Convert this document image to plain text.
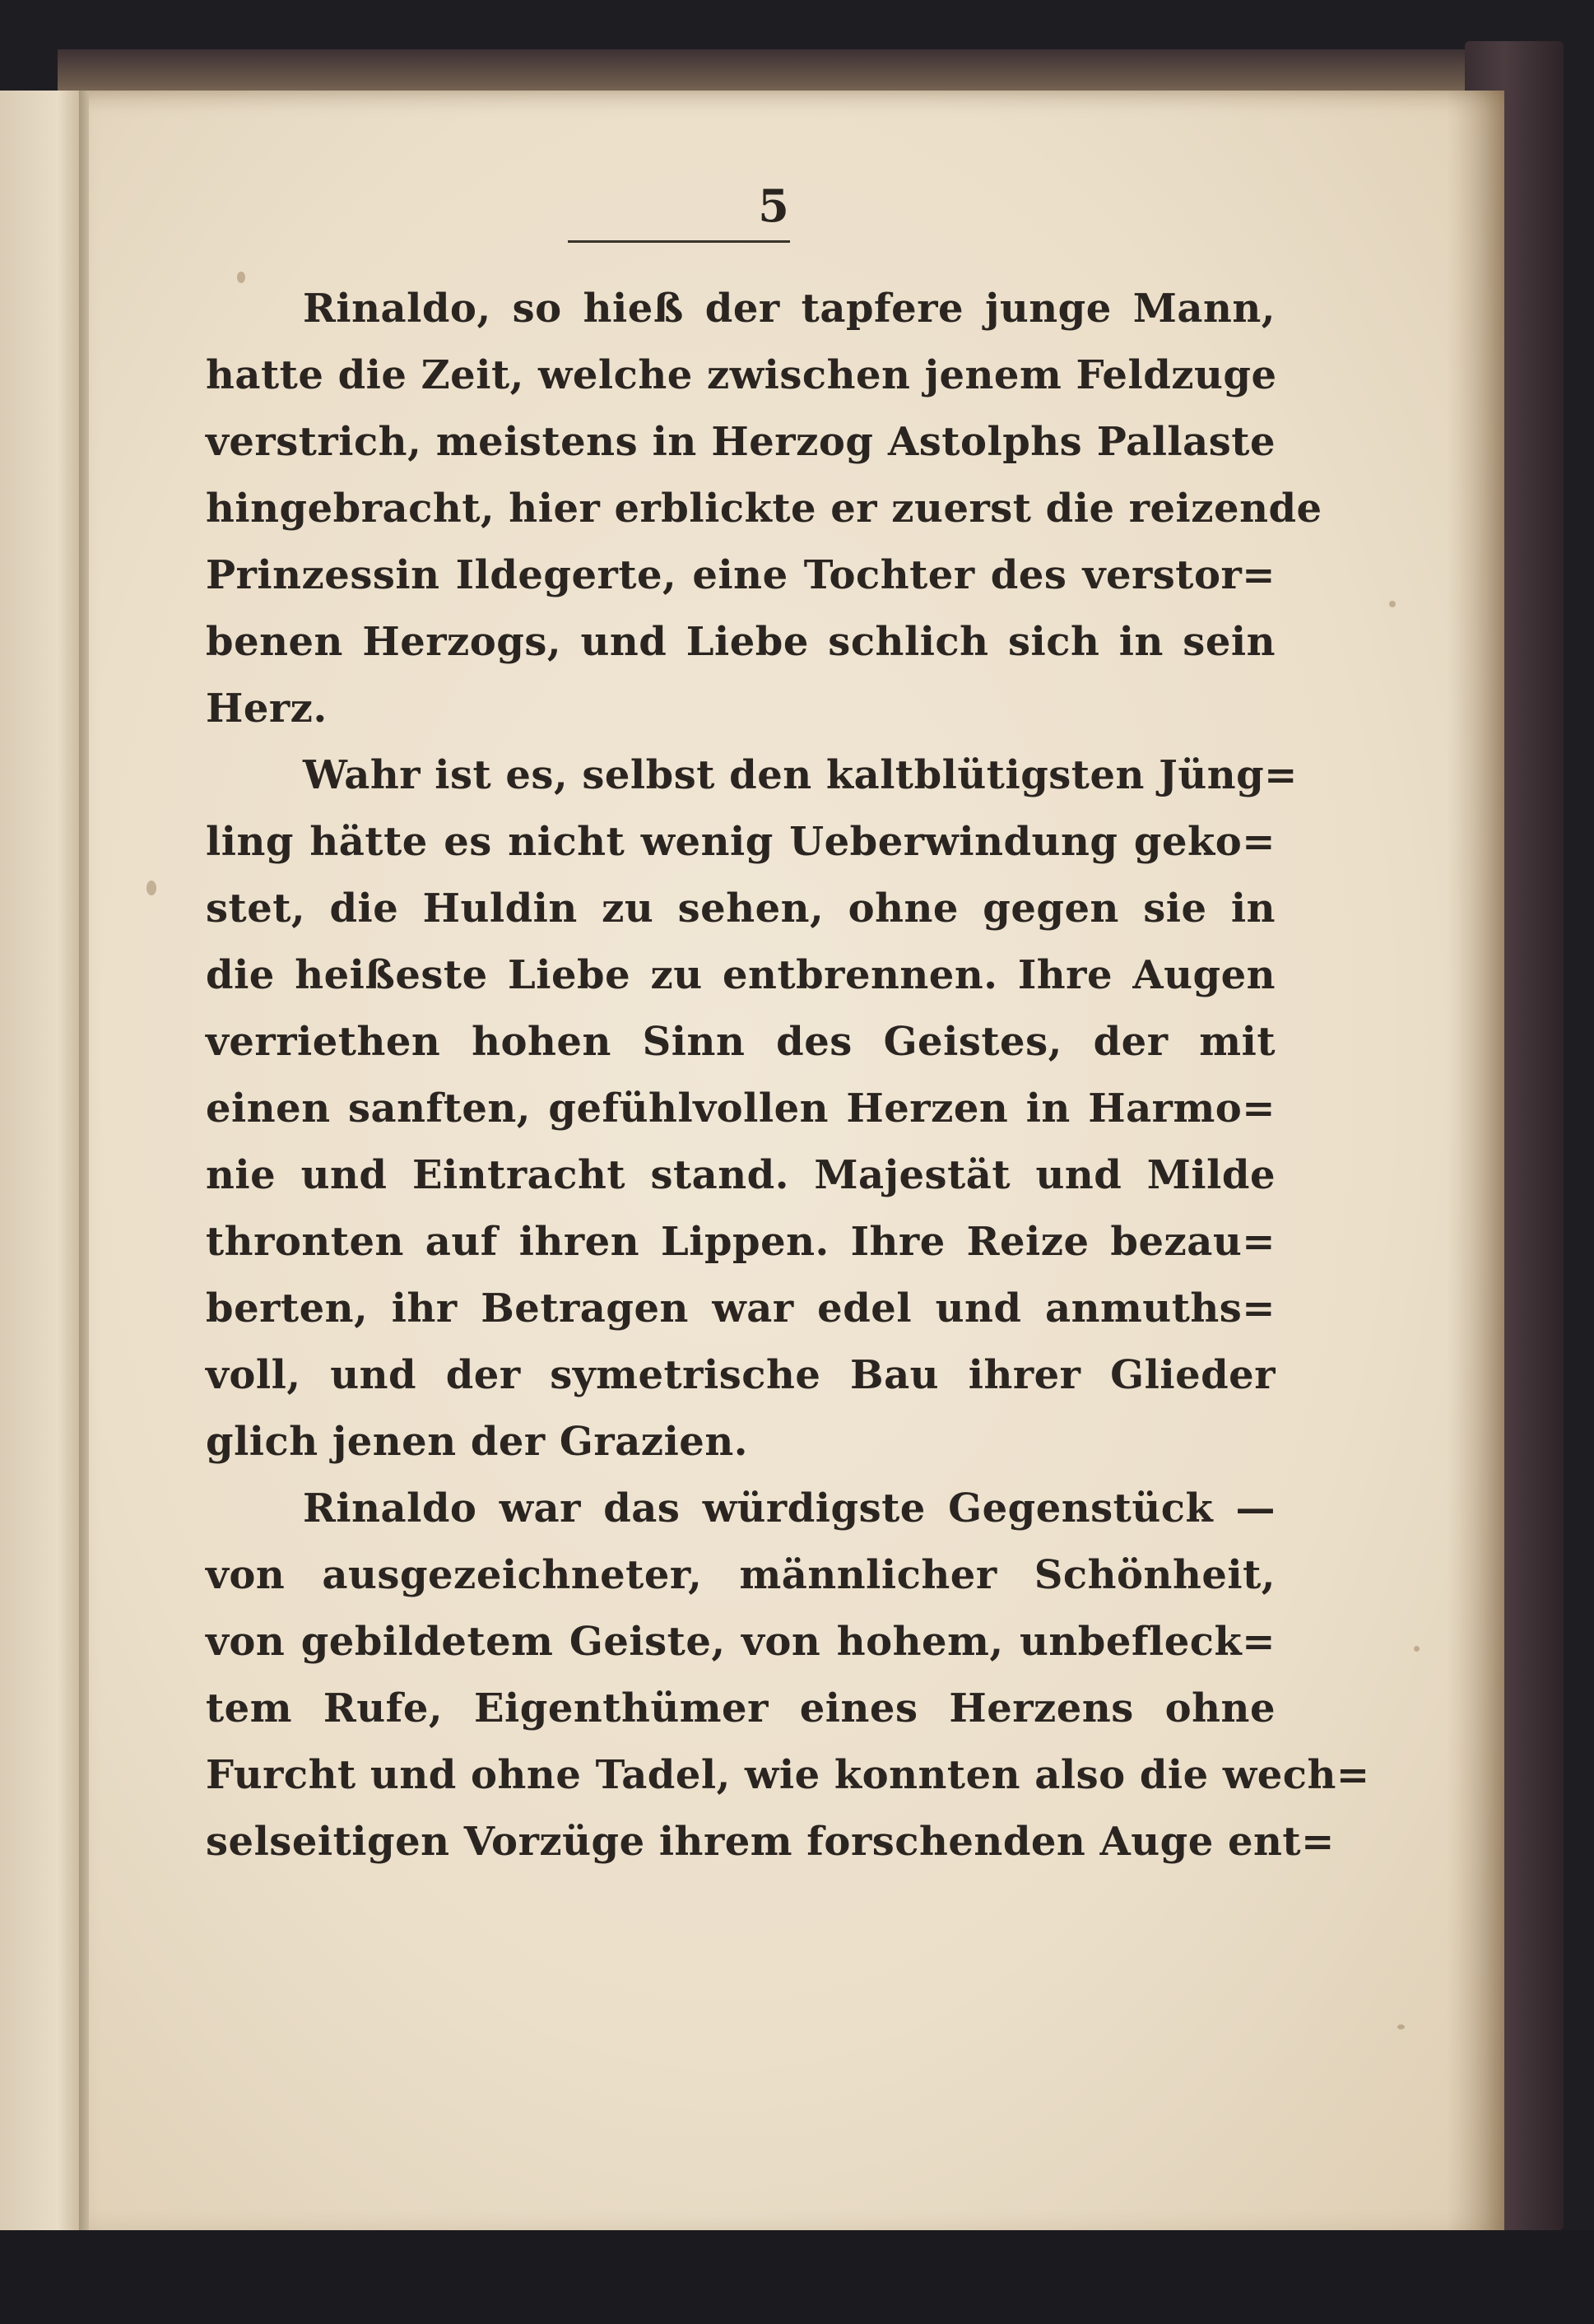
5
Rinaldo, so hieß der tapfere junge Mann,
hatte die Zeit, welche zwischen jenem Feldzuge
verstrich, meistens in Herzog Astolphs Pallaste
hingebracht, hier erblickte er zuerst die reizende
Prinzessin Ildegerte, eine Tochter des verstor=
benen Herzogs, und Liebe schlich sich in sein
Herz.
Wahr ist es, selbst den kaltblütigsten Jüng=
ling hätte es nicht wenig Ueberwindung geko=
stet, die Huldin zu sehen, ohne gegen sie in
die heißeste Liebe zu entbrennen. Ihre Augen
verriethen hohen Sinn des Geistes, der mit
einen sanften, gefühlvollen Herzen in Harmo=
nie und Eintracht stand. Majestät und Milde
thronten auf ihren Lippen. Ihre Reize bezau=
berten, ihr Betragen war edel und anmuths=
voll, und der symetrische Bau ihrer Glieder
glich jenen der Grazien.
Rinaldo war das würdigste Gegenstück —
von ausgezeichneter, männlicher Schönheit,
von gebildetem Geiste, von hohem, unbefleck=
tem Rufe, Eigenthümer eines Herzens ohne
Furcht und ohne Tadel, wie konnten also die wech=
selseitigen Vorzüge ihrem forschenden Auge ent=
